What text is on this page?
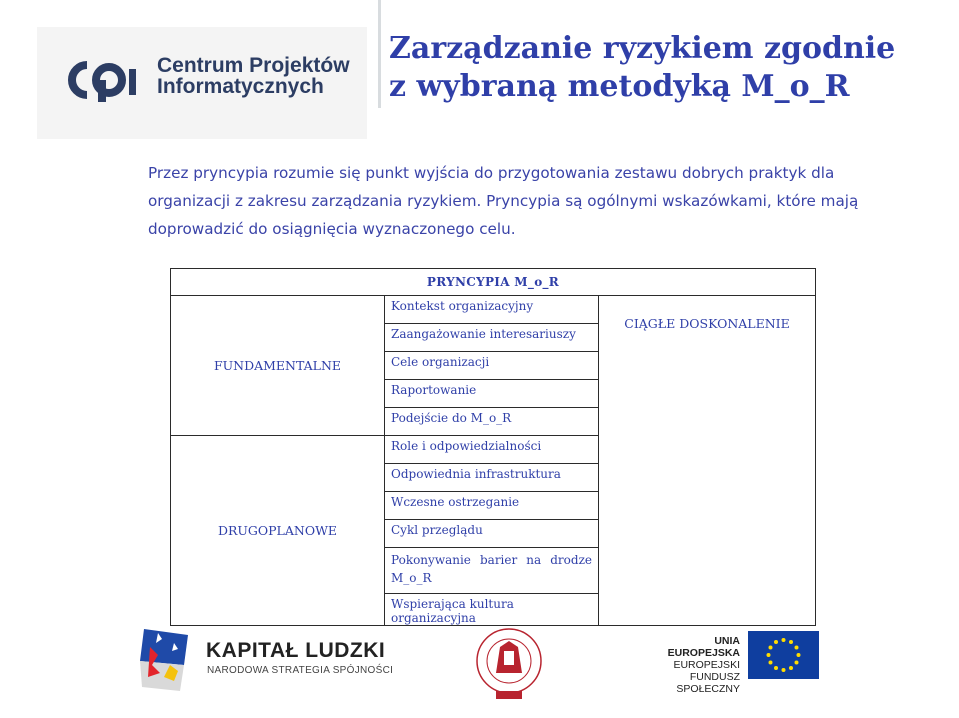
Centrum Projektów
Informatycznych
Zarządzanie ryzykiem zgodnie
z wybraną metodyką M_o_R
Przez pryncypia rozumie się punkt wyjścia do przygotowania zestawu dobrych praktyk dla
organizacji z zakresu zarządzania ryzykiem. Pryncypia są ogólnymi wskazówkami, które mają
doprowadzić do osiągnięcia wyznaczonego celu.
PRYNCYPIA M_o_R		
FUNDAMENTALNE	Kontekst organizacyjny	CIĄGŁE DOSKONALENIE
	Zaangażowanie interesariuszy	
	Cele organizacji	
	Raportowanie	
	Podejście do M_o_R	
DRUGOPLANOWE	Role i odpowiedzialności	
	Odpowiednia infrastruktura	
	Wczesne ostrzeganie	
	Cykl przeglądu	
	Pokonywanie barier na drodze M_o_R	
	Wspierająca kultura organizacyjna	
KAPITAŁ LUDZKI
NARODOWA STRATEGIA SPÓJNOŚCI
UNIA EUROPEJSKA
EUROPEJSKI
FUNDUSZ SPOŁECZNY
